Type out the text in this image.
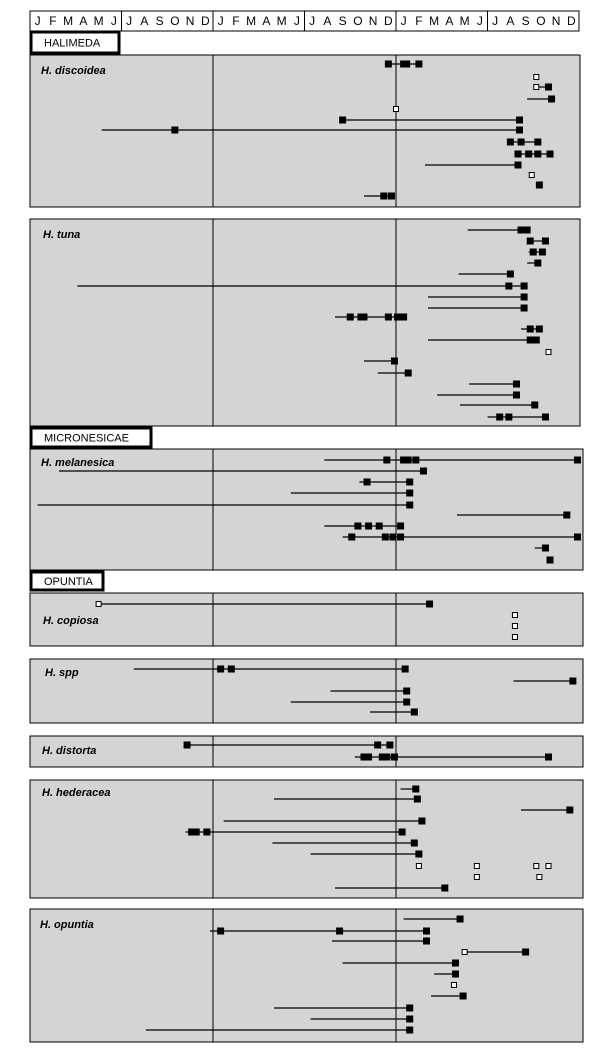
J F M A M J J A S O N D J F M A M J J A S O N D J F M A M J J A S O N D
HALIMEDA
H. discoidea
H. tuna
MICRONESICAE
H. melanesica
OPUNTIA
H. copiosa
H. spp
H. distorta
H. hederacea
H. opuntia
